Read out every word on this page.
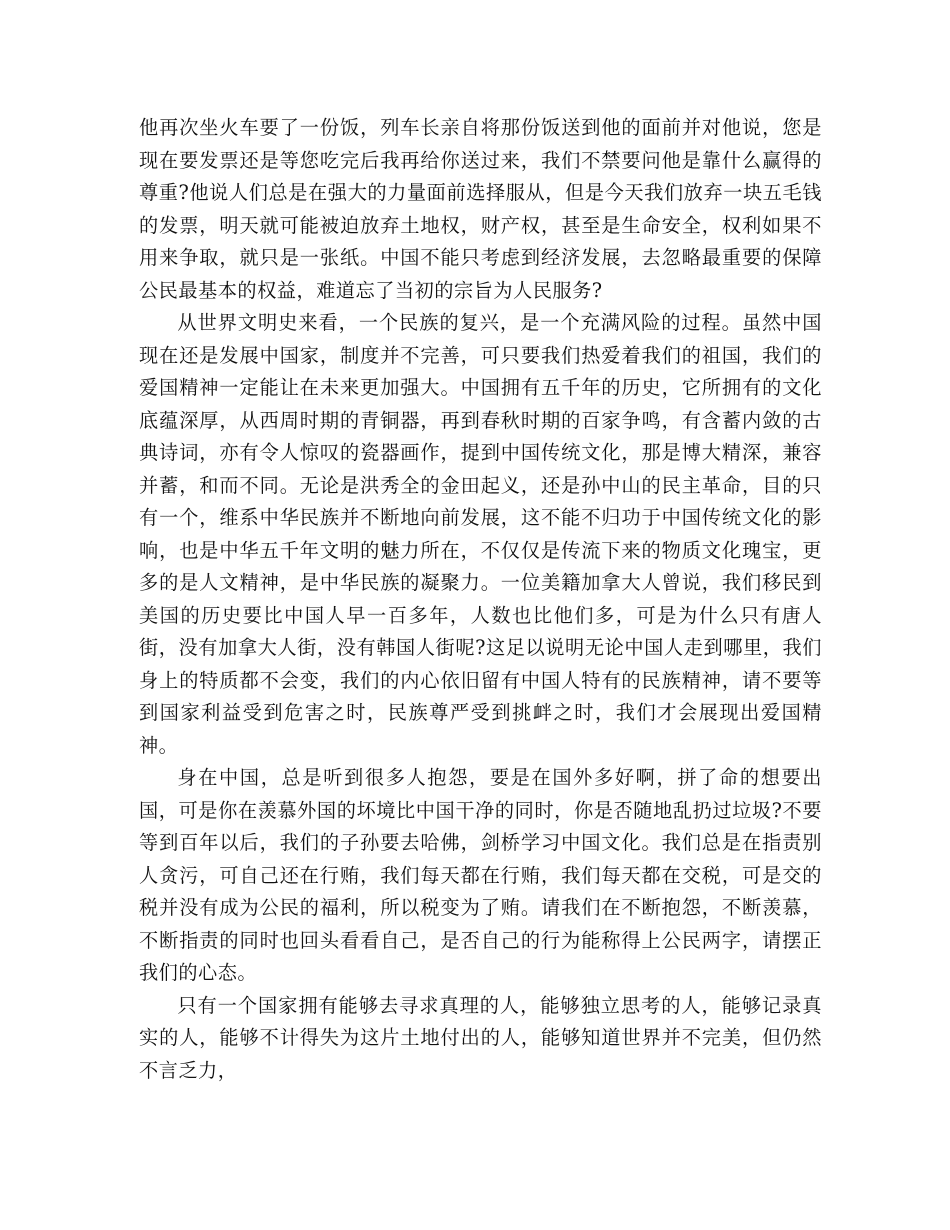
他再次坐火车要了一份饭，列车长亲自将那份饭送到他的面前并对他说，您是现在要发票还是等您吃完后我再给你送过来，我们不禁要问他是靠什么赢得的尊重?他说人们总是在强大的力量面前选择服从，但是今天我们放弃一块五毛钱的发票，明天就可能被迫放弃土地权，财产权，甚至是生命安全，权利如果不用来争取，就只是一张纸。中国不能只考虑到经济发展，去忽略最重要的保障公民最基本的权益，难道忘了当初的宗旨为人民服务?

从世界文明史来看，一个民族的复兴，是一个充满风险的过程。虽然中国现在还是发展中国家，制度并不完善，可只要我们热爱着我们的祖国，我们的爱国精神一定能让在未来更加强大。中国拥有五千年的历史，它所拥有的文化底蕴深厚，从西周时期的青铜器，再到春秋时期的百家争鸣，有含蓄内敛的古典诗词，亦有令人惊叹的瓷器画作，提到中国传统文化，那是博大精深，兼容并蓄，和而不同。无论是洪秀全的金田起义，还是孙中山的民主革命，目的只有一个，维系中华民族并不断地向前发展，这不能不归功于中国传统文化的影响，也是中华五千年文明的魅力所在，不仅仅是传流下来的物质文化瑰宝，更多的是人文精神，是中华民族的凝聚力。一位美籍加拿大人曾说，我们移民到美国的历史要比中国人早一百多年，人数也比他们多，可是为什么只有唐人街，没有加拿大人街，没有韩国人街呢?这足以说明无论中国人走到哪里，我们身上的特质都不会变，我们的内心依旧留有中国人特有的民族精神，请不要等到国家利益受到危害之时，民族尊严受到挑衅之时，我们才会展现出爱国精神。

身在中国，总是听到很多人抱怨，要是在国外多好啊，拼了命的想要出国，可是你在羡慕外国的坏境比中国干净的同时，你是否随地乱扔过垃圾?不要等到百年以后，我们的子孙要去哈佛，剑桥学习中国文化。我们总是在指责别人贪污，可自己还在行贿，我们每天都在行贿，我们每天都在交税，可是交的税并没有成为公民的福利，所以税变为了贿。请我们在不断抱怨，不断羡慕，不断指责的同时也回头看看自己，是否自己的行为能称得上公民两字，请摆正我们的心态。

只有一个国家拥有能够去寻求真理的人，能够独立思考的人，能够记录真实的人，能够不计得失为这片土地付出的人，能够知道世界并不完美，但仍然不言乏力，
